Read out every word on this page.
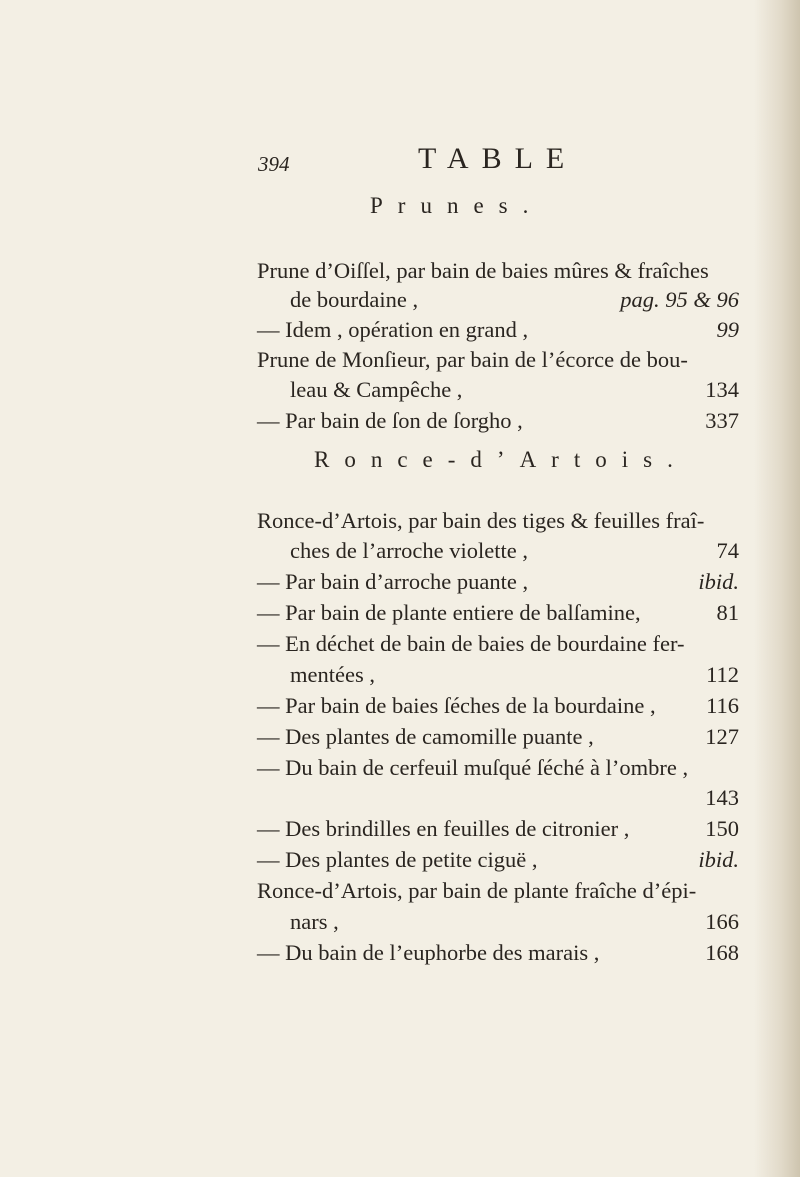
394	TABLE
Prunes.
Prune d’Oiſſel, par bain de baies mûres & fraîches
de bourdaine ,	pag. 95 & 96
— Idem , opération en grand ,	99
Prune de Monſieur, par bain de l’écorce de bou-
leau & Campêche ,	134
— Par bain de ſon de ſorgho ,	337
Ronce-d’Artois.
Ronce-d’Artois, par bain des tiges & feuilles fraî-
ches de l’arroche violette ,	74
— Par bain d’arroche puante ,	ibid.
— Par bain de plante entiere de balſamine,	81
— En déchet de bain de baies de bourdaine fer-
mentées ,	112
— Par bain de baies ſéches de la bourdaine , 116
— Des plantes de camomille puante ,	127
— Du bain de cerfeuil muſqué ſéché à l’ombre ,
143
— Des brindilles en feuilles de citronier ,	150
— Des plantes de petite ciguë ,	ibid.
Ronce-d’Artois, par bain de plante fraîche d’épi-
nars ,	166
— Du bain de l’euphorbe des marais ,	168
